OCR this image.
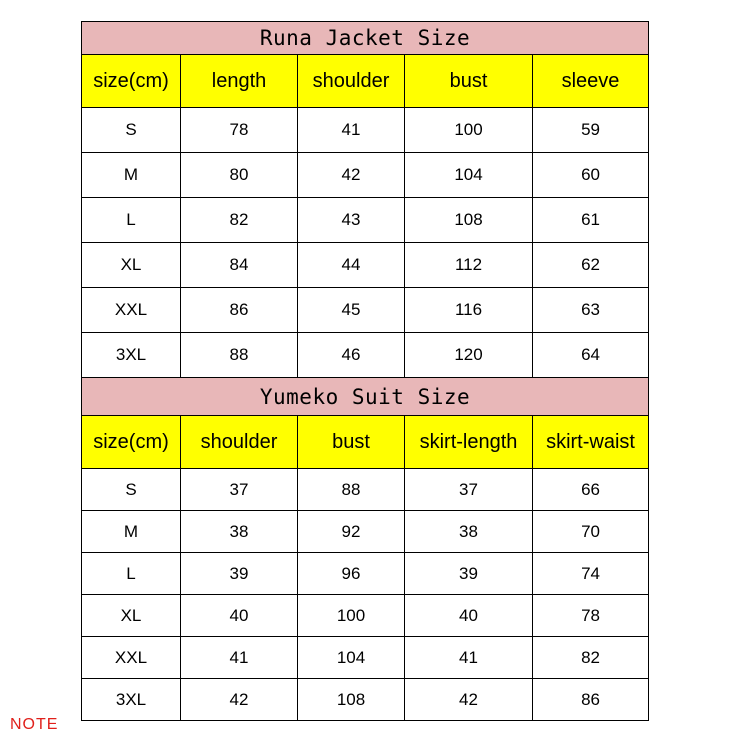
Runa Jacket Size				
size(cm)	length	shoulder	bust	sleeve
S	78	41	100	59
M	80	42	104	60
L	82	43	108	61
XL	84	44	112	62
XXL	86	45	116	63
3XL	88	46	120	64
Yumeko Suit Size				
size(cm)	shoulder	bust	skirt-length	skirt-waist
S	37	88	37	66
M	38	92	38	70
L	39	96	39	74
XL	40	100	40	78
XXL	41	104	41	82
3XL	42	108	42	86
NOTE
